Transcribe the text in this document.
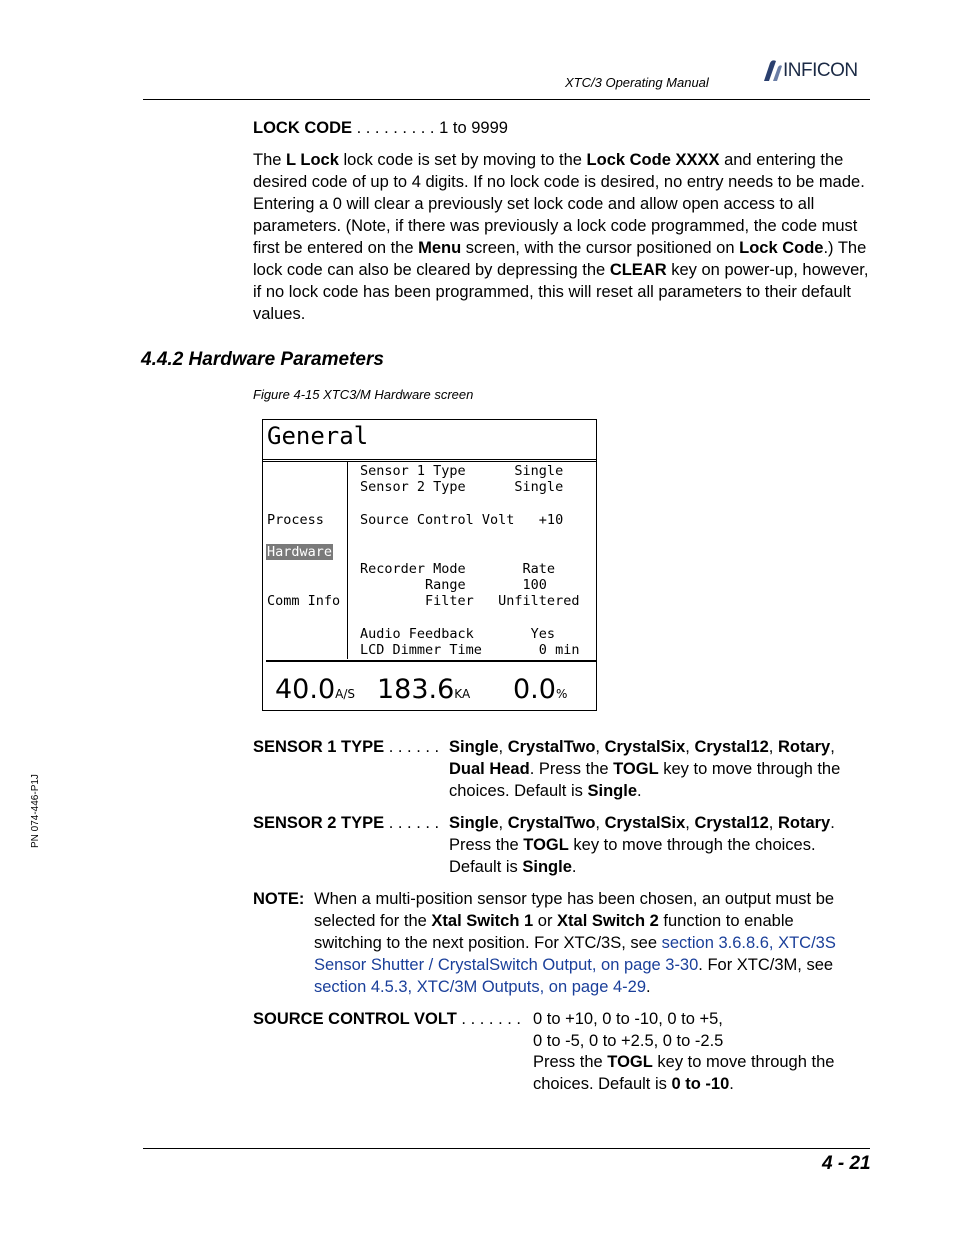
XTC/3 Operating Manual
INFICON
LOCK CODE . . . . . . . . . 1 to 9999
The L Lock lock code is set by moving to the Lock Code XXXX and entering the desired code of up to 4 digits. If no lock code is desired, no entry needs to be made. Entering a 0 will clear a previously set lock code and allow open access to all parameters. (Note, if there was previously a lock code programmed, the code must first be entered on the Menu screen, with the cursor positioned on Lock Code.) The lock code can also be cleared by depressing the CLEAR key on power-up, however, if no lock code has been programmed, this will reset all parameters to their default values.
4.4.2 Hardware Parameters
Figure 4-15 XTC3/M Hardware screen
General
Process
Hardware
Comm Info
Sensor 1 Type      Single
Sensor 2 Type      Single
Source Control Volt   +10
Recorder Mode       Rate
Range       100
Filter   Unfiltered
Audio Feedback       Yes
LCD Dimmer Time       0 min
40.0A/S 183.6KA 0.0%
SENSOR 1 TYPE . . . . . . Single, CrystalTwo, CrystalSix, Crystal12, Rotary,
Dual Head. Press the TOGL key to move through the
choices. Default is Single.
SENSOR 2 TYPE . . . . . . Single, CrystalTwo, CrystalSix, Crystal12, Rotary.
Press the TOGL key to move through the choices.
Default is Single.
NOTE: When a multi-position sensor type has been chosen, an output must be
selected for the Xtal Switch 1 or Xtal Switch 2 function to enable
switching to the next position. For XTC/3S, see section 3.6.8.6, XTC/3S
Sensor Shutter / CrystalSwitch Output, on page 3-30. For XTC/3M, see
section 4.5.3, XTC/3M Outputs, on page 4-29.
SOURCE CONTROL VOLT . . . . . . . 0 to +10, 0 to -10, 0 to +5,
0 to -5, 0 to +2.5, 0 to -2.5
Press the TOGL key to move through the
choices. Default is 0 to -10.
4 - 21
PN 074-446-P1J
